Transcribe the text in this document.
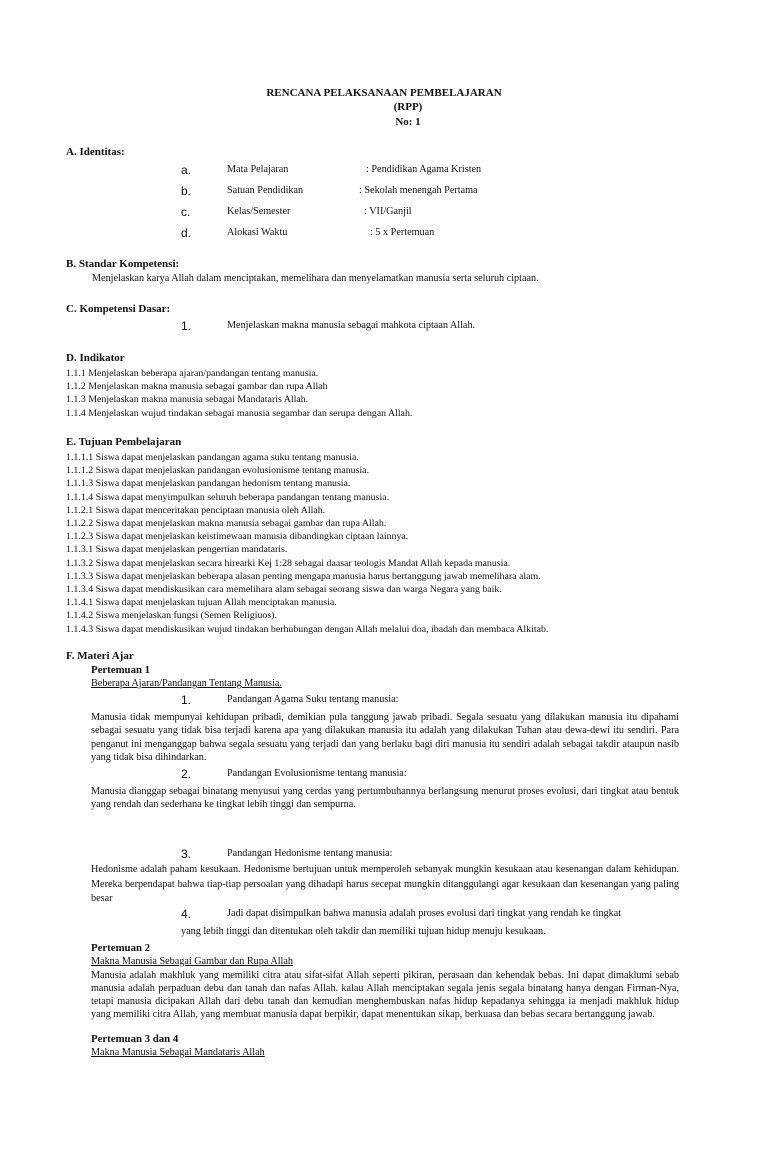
RENCANA PELAKSANAAN PEMBELAJARAN
(RPP)
No: 1
A. Identitas:
a.	Mata Pelajaran	: Pendidikan Agama Kristen
b.	Satuan Pendidikan	: Sekolah menengah Pertama
c.	Kelas/Semester	: VII/Ganjil
d.	Alokasi Waktu	: 5 x Pertemuan
B. Standar Kompetensi:
Menjelaskan karya Allah dalam menciptakan, memelihara dan menyelamatkan manusia serta seluruh ciptaan.
C. Kompetensi Dasar:
1.	Menjelaskan makna manusia sebagai mahkota ciptaan Allah.
D. Indikator
1.1.1 Menjelaskan beberapa ajaran/pandangan tentang manusia.
1.1.2 Menjelaskan makna manusia sebagai gambar dan rupa Allah
1.1.3 Menjelaskan makna manusia sebagai Mandataris Allah.
1.1.4 Menjelaskan wujud tindakan sebagai manusia segambar dan serupa dengan Allah.
E. Tujuan Pembelajaran
1.1.1.1 Siswa dapat menjelaskan pandangan agama suku tentang manusia.
1.1.1.2 Siswa dapat menjelaskan pandangan evolusionisme tentang manusia.
1.1.1.3 Siswa dapat menjelaskan pandangan hedonism tentang manusia.
1.1.1.4 Siswa dapat menyimpulkan seluruh beberapa pandangan tentang manusia.
1.1.2.1 Siswa dapat menceritakan penciptaan manusia oleh Allah.
1.1.2.2 Siswa dapat menjelaskan makna manusia sebagai gambar dan rupa Allah.
1.1.2.3 Siswa dapat menjelaskan keistimewaan manusia dibandingkan ciptaan lainnya.
1.1.3.1 Siswa dapat menjelaskan pengertian mandataris.
1.1.3.2 Siswa dapat menjelaskan secara hirearki Kej 1:28 sebagai daasar teologis Mandat Allah kepada manusia.
1.1.3.3 Siswa dapat menjelaskan beberapa alasan penting mengapa manusia harus bertanggung jawab memelihara alam.
1.1.3.4 Siswa dapat mendiskusikan cara memelihara alam sebagai seorang siswa dan warga Negara yang baik.
1.1.4.1 Siswa dapat menjelaskan tujuan Allah menciptakan manusia.
1.1.4.2 Siswa menjelaskan fungsi (Semen Religiuos).
1.1.4.3 Siswa dapat mendiskusikan wujud tindakan berhubungan dengan Allah melalui doa, ibadah dan membaca Alkitab.
F. Materi Ajar
Pertemuan 1
Beberapa Ajaran/Pandangan Tentang Manusia.
1.	Pandangan Agama Suku tentang manusia:
Manusia tidak mempunyai kehidupan pribadi, demikian pula tanggung jawab pribadi. Segala sesuatu yang dilakukan manusia itu dipahami sebagai sesuatu yang tidak bisa terjadi karena apa yang dilakukan manusia itu adalah yang dilakukan Tuhan atau dewa-dewi itu sendiri. Para penganut ini menganggap bahwa segala sesuatu yang terjadi dan yang berlaku bagi diri manusia itu sendiri adalah sebagai takdir ataupun nasib yang tidak bisa dihindarkan.
2.	Pandangan Evolusionisme tentang manusia:
Manusia dianggap sebagai binatang menyusui yang cerdas yang pertumbuhannya berlangsung menurut proses evolusi, dari tingkat atau bentuk yang rendah dan sederhana ke tingkat lebih tinggi dan sempurna.
3.	Pandangan Hedonisme tentang manusia:
Hedonisme adalah paham kesukaan. Hedonisme bertujuan untuk memperoleh sebanyak mungkin kesukaan atau kesenangan dalam kehidupan. Mereka berpendapat bahwa tiap-tiap persoalan yang dihadapi harus secepat mungkin ditanggulangi agar kesukaan dan kesenangan yang paling besar
4.	Jadi dapat disimpulkan bahwa manusia adalah proses evolusi dari tingkat yang rendah ke tingkat
yang lebih tinggi dan ditentukan oleh takdir dan memiliki tujuan hidup menuju kesukaan.
Pertemuan 2
Makna Manusia Sebagai Gambar dan Rupa Allah
Manusia adalah makhluk yang memiliki citra atau sifat-sifat Allah seperti pikiran, perasaan dan kehendak bebas. Ini dapat dimaklumi sebab manusia adalah perpaduan debu dan tanah dan nafas Allah. kalau Allah menciptakan segala jenis segala binatang hanya dengan Firman-Nya, tetapi manusia dicipakan Allah dari debu tanah dan kemudian menghembuskan nafas hidup kepadanya sehingga ia menjadi makhluk hidup yang memiliki citra Allah, yang membuat manusia dapat berpikir, dapat menentukan sikap, berkuasa dan bebas secara bertanggung jawab.
Pertemuan 3 dan 4
Makna Manusia Sebagai Mandataris Allah
